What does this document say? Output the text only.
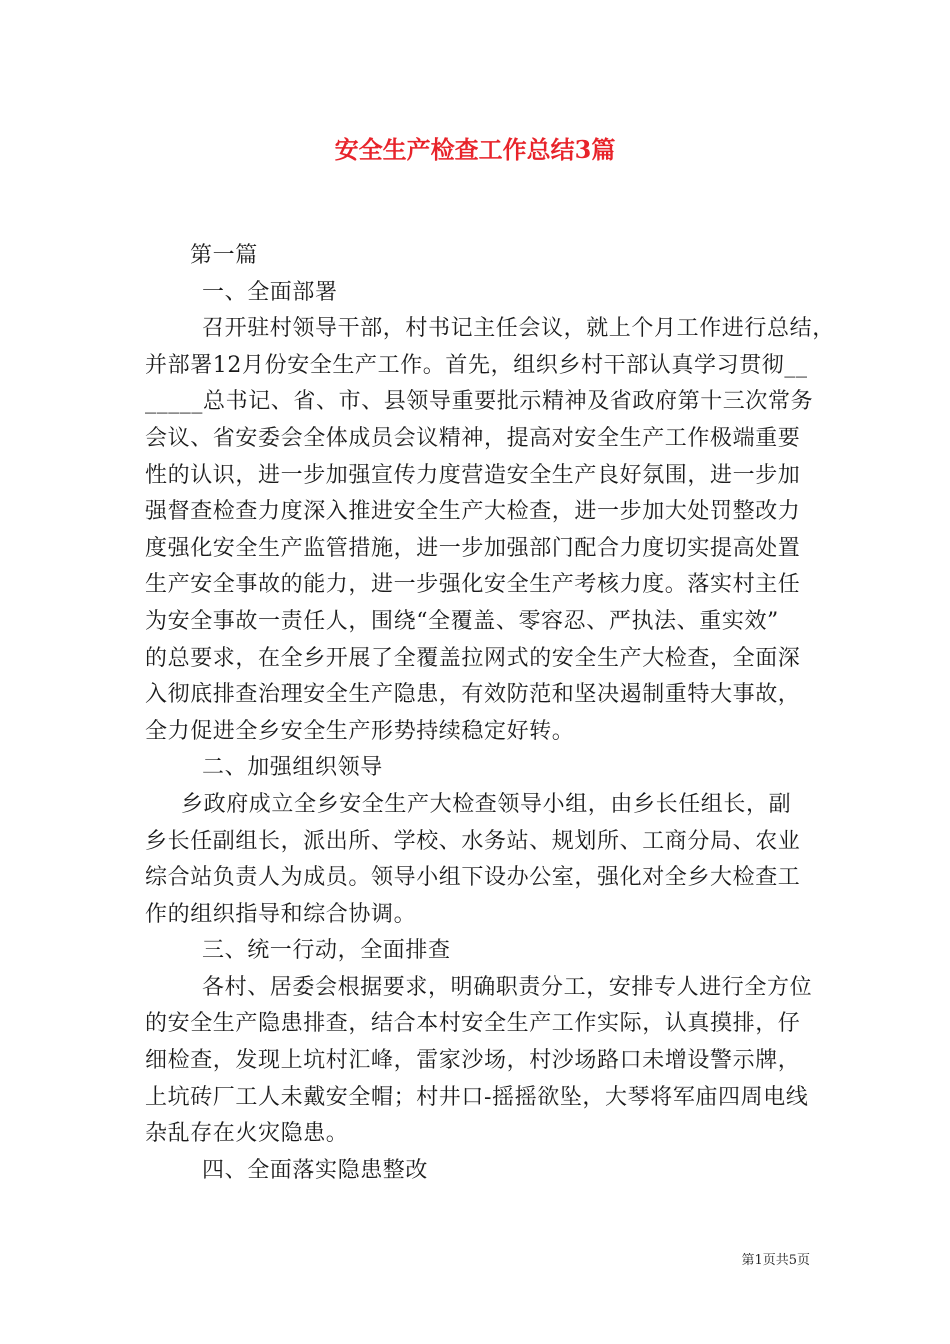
安全生产检查工作总结3篇
第一篇
一、全面部署
召开驻村领导干部，村书记主任会议，就上个月工作进行总结，
并部署12月份安全生产工作。首先，组织乡村干部认真学习贯彻__
_____总书记、省、市、县领导重要批示精神及省政府第十三次常务
会议、省安委会全体成员会议精神，提高对安全生产工作极端重要
性的认识，进一步加强宣传力度营造安全生产良好氛围，进一步加
强督查检查力度深入推进安全生产大检查，进一步加大处罚整改力
度强化安全生产监管措施，进一步加强部门配合力度切实提高处置
生产安全事故的能力，进一步强化安全生产考核力度。落实村主任
为安全事故一责任人，围绕“全覆盖、零容忍、严执法、重实效”
的总要求，在全乡开展了全覆盖拉网式的安全生产大检查，全面深
入彻底排查治理安全生产隐患，有效防范和坚决遏制重特大事故，
全力促进全乡安全生产形势持续稳定好转。
二、加强组织领导
乡政府成立全乡安全生产大检查领导小组，由乡长任组长，副
乡长任副组长，派出所、学校、水务站、规划所、工商分局、农业
综合站负责人为成员。领导小组下设办公室，强化对全乡大检查工
作的组织指导和综合协调。
三、统一行动，全面排查
各村、居委会根据要求，明确职责分工，安排专人进行全方位
的安全生产隐患排查，结合本村安全生产工作实际，认真摸排，仔
细检查，发现上坑村汇峰，雷家沙场，村沙场路口未增设警示牌，
上坑砖厂工人未戴安全帽；村井口-摇摇欲坠，大琴将军庙四周电线
杂乱存在火灾隐患。
四、全面落实隐患整改
第1页共5页
